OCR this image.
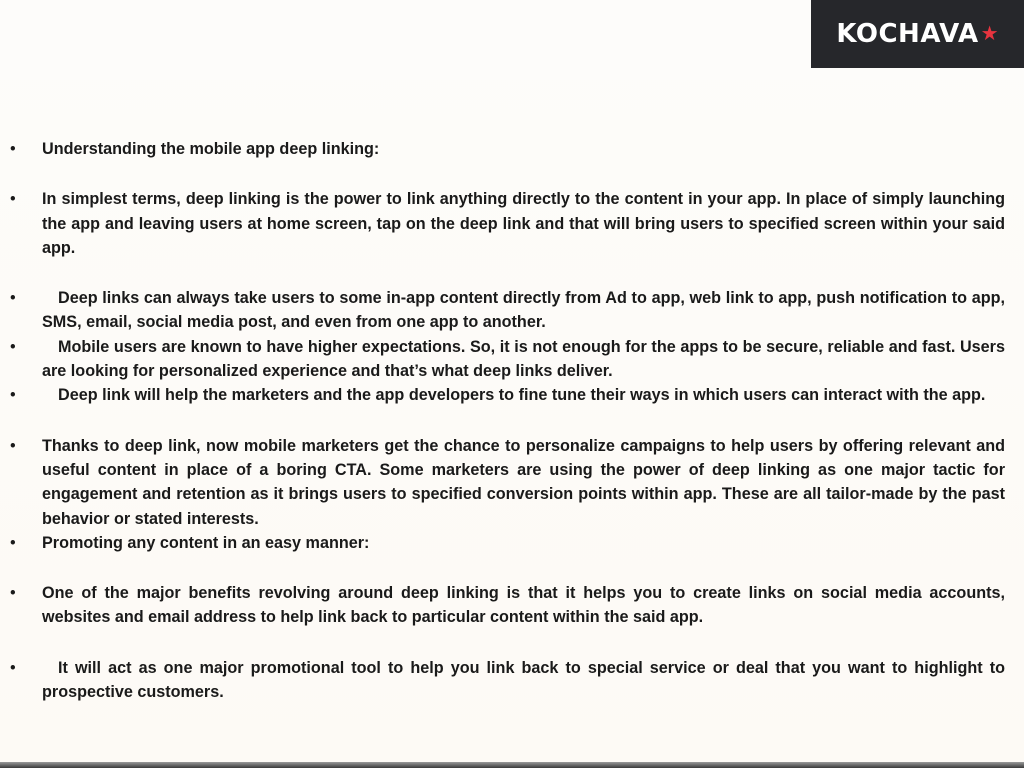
KOCHAVA ★
• Understanding the mobile app deep linking:
• In simplest terms, deep linking is the power to link anything directly to the content in your app. In place of simply launching the app and leaving users at home screen, tap on the deep link and that will bring users to specified screen within your said app.
•	Deep links can always take users to some in-app content directly from Ad to app, web link to app, push notification to app, SMS, email, social media post, and even from one app to another.
•	Mobile users are known to have higher expectations. So, it is not enough for the apps to be secure, reliable and fast. Users are looking for personalized experience and that’s what deep links deliver.
•	Deep link will help the marketers and the app developers to fine tune their ways in which users can interact with the app.
• Thanks to deep link, now mobile marketers get the chance to personalize campaigns to help users by offering relevant and useful content in place of a boring CTA. Some marketers are using the power of deep linking as one major tactic for engagement and retention as it brings users to specified conversion points within app. These are all tailor-made by the past behavior or stated interests.
• Promoting any content in an easy manner:
• One of the major benefits revolving around deep linking is that it helps you to create links on social media accounts, websites and email address to help link back to particular content within the said app.
•	It will act as one major promotional tool to help you link back to special service or deal that you want to highlight to prospective customers.
